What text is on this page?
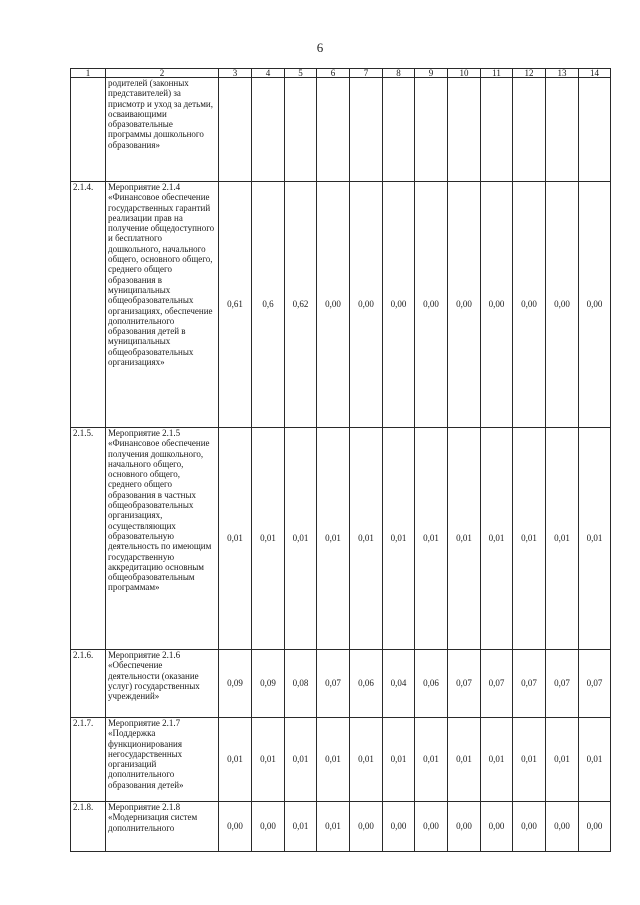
6
1	2	3	4	5	6	7	8	9	10	11	12	13	14
	родителей (законных представителей) за присмотр и уход за детьми, осваивающими образовательные программы дошкольного образования»												
2.1.4.	Мероприятие 2.1.4 «Финансовое обеспечение государственных гарантий реализации прав на получение общедоступного и бесплатного дошкольного, начального общего, основного общего, среднего общего образования в муниципальных общеобразовательных организациях, обеспечение дополнительного образования детей в муниципальных общеобразовательных организациях»	0,61	0,6	0,62	0,00	0,00	0,00	0,00	0,00	0,00	0,00	0,00	0,00
2.1.5.	Мероприятие 2.1.5 «Финансовое обеспечение получения дошкольного, начального общего, основного общего, среднего общего образования в частных общеобразовательных организациях, осуществляющих образовательную деятельность по имеющим государственную аккредитацию основным общеобразовательным программам»	0,01	0,01	0,01	0,01	0,01	0,01	0,01	0,01	0,01	0,01	0,01	0,01
2.1.6.	Мероприятие 2.1.6 «Обеспечение деятельности (оказание услуг) государственных учреждений»	0,09	0,09	0,08	0,07	0,06	0,04	0,06	0,07	0,07	0,07	0,07	0,07
2.1.7.	Мероприятие 2.1.7 «Поддержка функционирования негосударственных организаций дополнительного образования детей»	0,01	0,01	0,01	0,01	0,01	0,01	0,01	0,01	0,01	0,01	0,01	0,01
2.1.8.	Мероприятие 2.1.8 «Модернизация систем дополнительного	0,00	0,00	0,01	0,01	0,00	0,00	0,00	0,00	0,00	0,00	0,00	0,00
